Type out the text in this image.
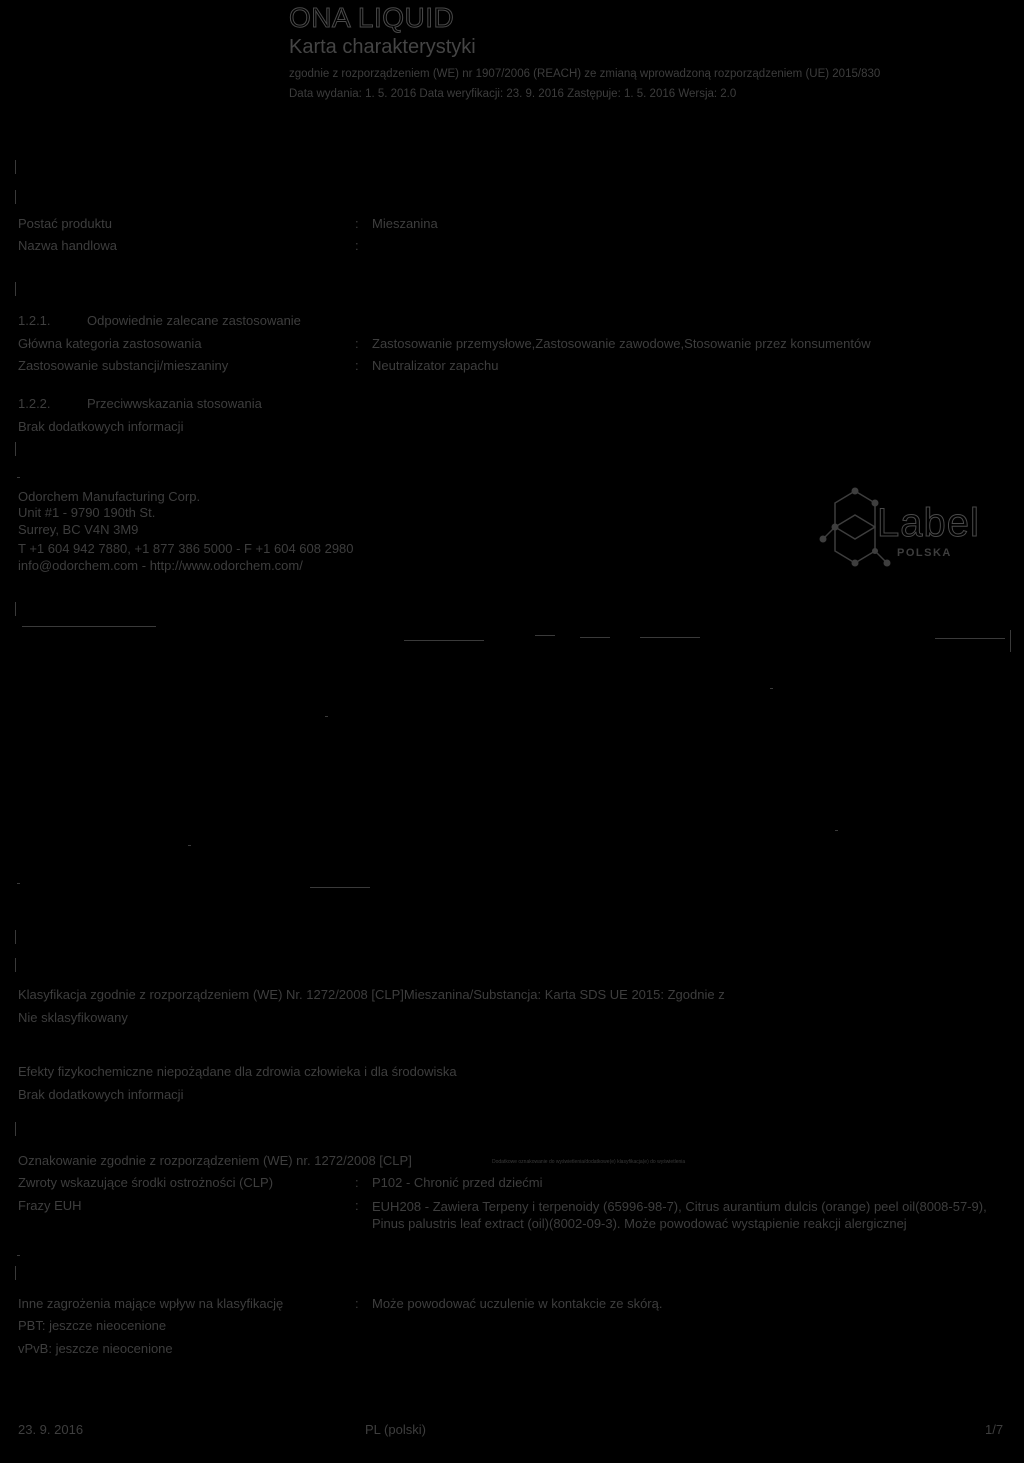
ONA LIQUID
Karta charakterystyki
zgodnie z rozporządzeniem (WE) nr 1907/2006 (REACH) ze zmianą wprowadzoną rozporządzeniem (UE) 2015/830
Data wydania: 1. 5. 2016 Data weryfikacji: 23. 9. 2016 Zastępuje: 1. 5. 2016 Wersja: 2.0
Postać produktu	: Mieszanina
Nazwa handlowa	:
1.2.1.	Odpowiednie zalecane zastosowanie
Główna kategoria zastosowania	: Zastosowanie przemysłowe,Zastosowanie zawodowe,Stosowanie przez konsumentów
Zastosowanie substancji/mieszaniny	: Neutralizator zapachu
1.2.2.	Przeciwwskazania stosowania
Brak dodatkowych informacji
Odorchem Manufacturing Corp.
Unit #1 - 9790 190th St.
Surrey, BC V4N 3M9
T +1 604 942 7880, +1 877 386 5000 - F +1 604 608 2980
info@odorchem.com - http://www.odorchem.com/
Label
POLSKA
Klasyfikacja zgodnie z rozporządzeniem (WE) Nr. 1272/2008 [CLP]Mieszanina/Substancja: Karta SDS UE 2015: Zgodnie z
Nie sklasyfikowany
Efekty fizykochemiczne niepożądane dla zdrowia człowieka i dla środowiska
Brak dodatkowych informacji
Oznakowanie zgodnie z rozporządzeniem (WE) nr. 1272/2008 [CLP]	Dodatkowe oznakowanie do wyświetlenia/dodatkowe(e) klasyfikacja(e) do wyświetlenia
Zwroty wskazujące środki ostrożności (CLP)	: P102 - Chronić przed dziećmi
Frazy EUH	: EUH208 - Zawiera Terpeny i terpenoidy (65996-98-7), Citrus aurantium dulcis (orange) peel oil(8008-57-9), Pinus palustris leaf extract (oil)(8002-09-3). Może powodować wystąpienie reakcji alergicznej
Inne zagrożenia mające wpływ na klasyfikację	: Może powodować uczulenie w kontakcie ze skórą.
PBT: jeszcze nieocenione
vPvB: jeszcze nieocenione
23. 9. 2016	PL (polski)	1/7
